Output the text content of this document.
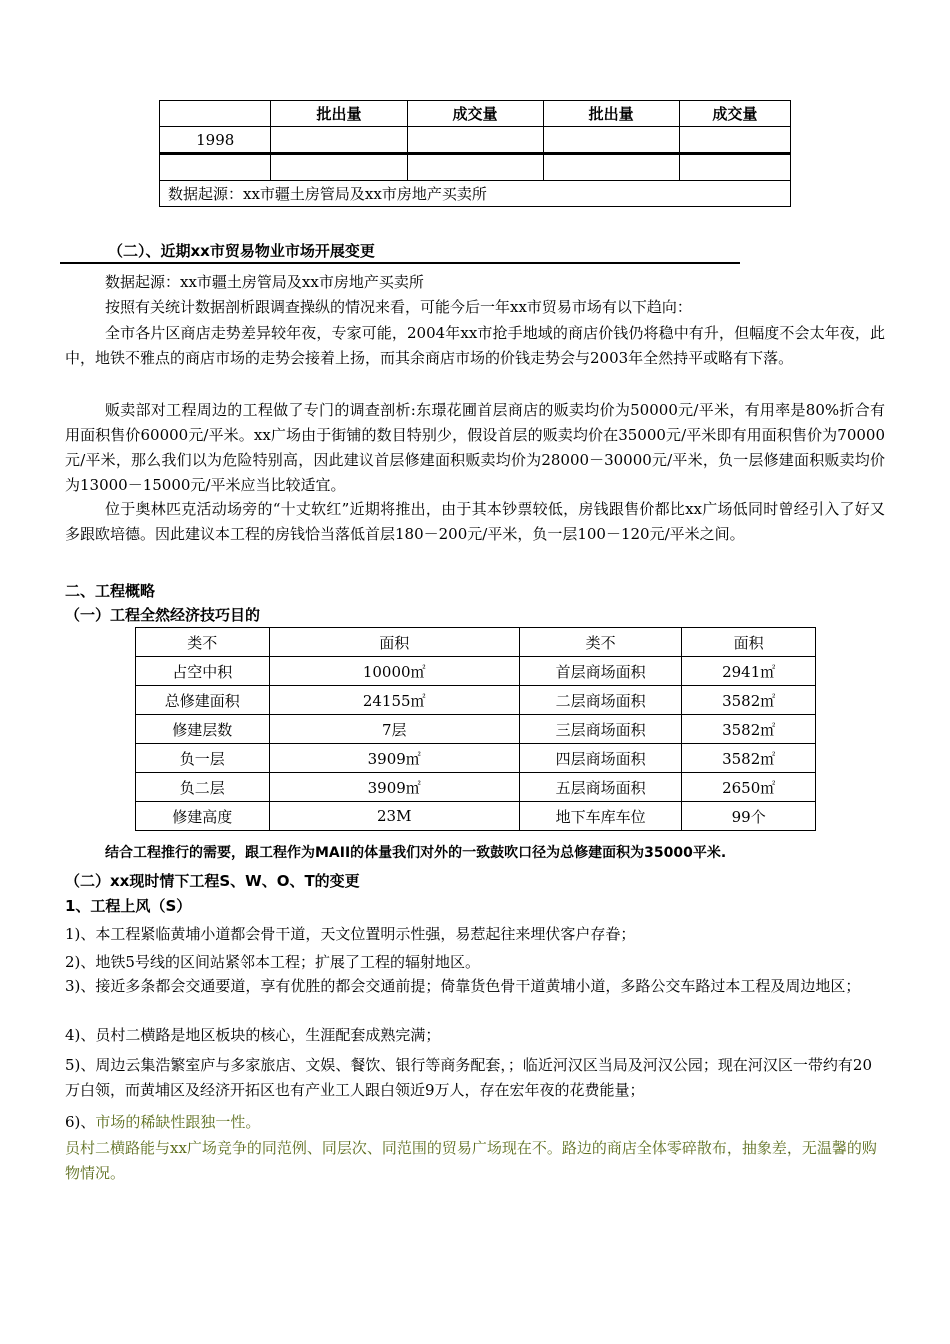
	批出量	成交量	批出量	成交量
1998				

数据起源：xx市疆土房管局及xx市房地产买卖所				
（二）、近期xx市贸易物业市场开展变更
数据起源：xx市疆土房管局及xx市房地产买卖所
按照有关统计数据剖析跟调查操纵的情况来看，可能今后一年xx市贸易市场有以下趋向：
全市各片区商店走势差异较年夜，专家可能，2004年xx市抢手地域的商店价钱仍将稳中有升，但幅度不会太年夜，此中，地铁不雅点的商店市场的走势会接着上扬，而其余商店市场的价钱走势会与2003年全然持平或略有下落。
贩卖部对工程周边的工程做了专门的调查剖析:东璟花圃首层商店的贩卖均价为50000元/平米，有用率是80%折合有用面积售价60000元/平米。xx广场由于街铺的数目特别少，假设首层的贩卖均价在35000元/平米即有用面积售价为70000元/平米，那么我们以为危险特别高，因此建议首层修建面积贩卖均价为28000－30000元/平米，负一层修建面积贩卖均价为13000－15000元/平米应当比较适宜。
位于奥林匹克活动场旁的“十丈软红”近期将推出，由于其本钞票较低，房钱跟售价都比xx广场低同时曾经引入了好又多跟欧培德。因此建议本工程的房钱恰当落低首层180－200元/平米，负一层100－120元/平米之间。
二、工程概略
（一）工程全然经济技巧目的
类不	面积	类不	面积
占空中积	10000㎡	首层商场面积	2941㎡
总修建面积	24155㎡	二层商场面积	3582㎡
修建层数	7层	三层商场面积	3582㎡
负一层	3909㎡	四层商场面积	3582㎡
负二层	3909㎡	五层商场面积	2650㎡
修建高度	23M	地下车库车位	99个
结合工程推行的需要，跟工程作为MAII的体量我们对外的一致鼓吹口径为总修建面积为35000平米.
（二）xx现时情下工程S、W、O、T的变更
1、工程上风（S）
1)、本工程紧临黄埔小道都会骨干道，天文位置明示性强，易惹起往来埋伏客户存眷；
2)、地铁5号线的区间站紧邻本工程；扩展了工程的辐射地区。
3)、接近多条都会交通要道，享有优胜的都会交通前提；倚靠货色骨干道黄埔小道，多路公交车路过本工程及周边地区；
4)、员村二横路是地区板块的核心，生涯配套成熟完满；
5)、周边云集浩繁室庐与多家旅店、文娱、餐饮、银行等商务配套，；临近河汉区当局及河汉公园；现在河汉区一带约有20万白领，而黄埔区及经济开拓区也有产业工人跟白领近9万人，存在宏年夜的花费能量；
6)、市场的稀缺性跟独一性。
员村二横路能与xx广场竞争的同范例、同层次、同范围的贸易广场现在不。路边的商店全体零碎散布，抽象差，无温馨的购物情况。
